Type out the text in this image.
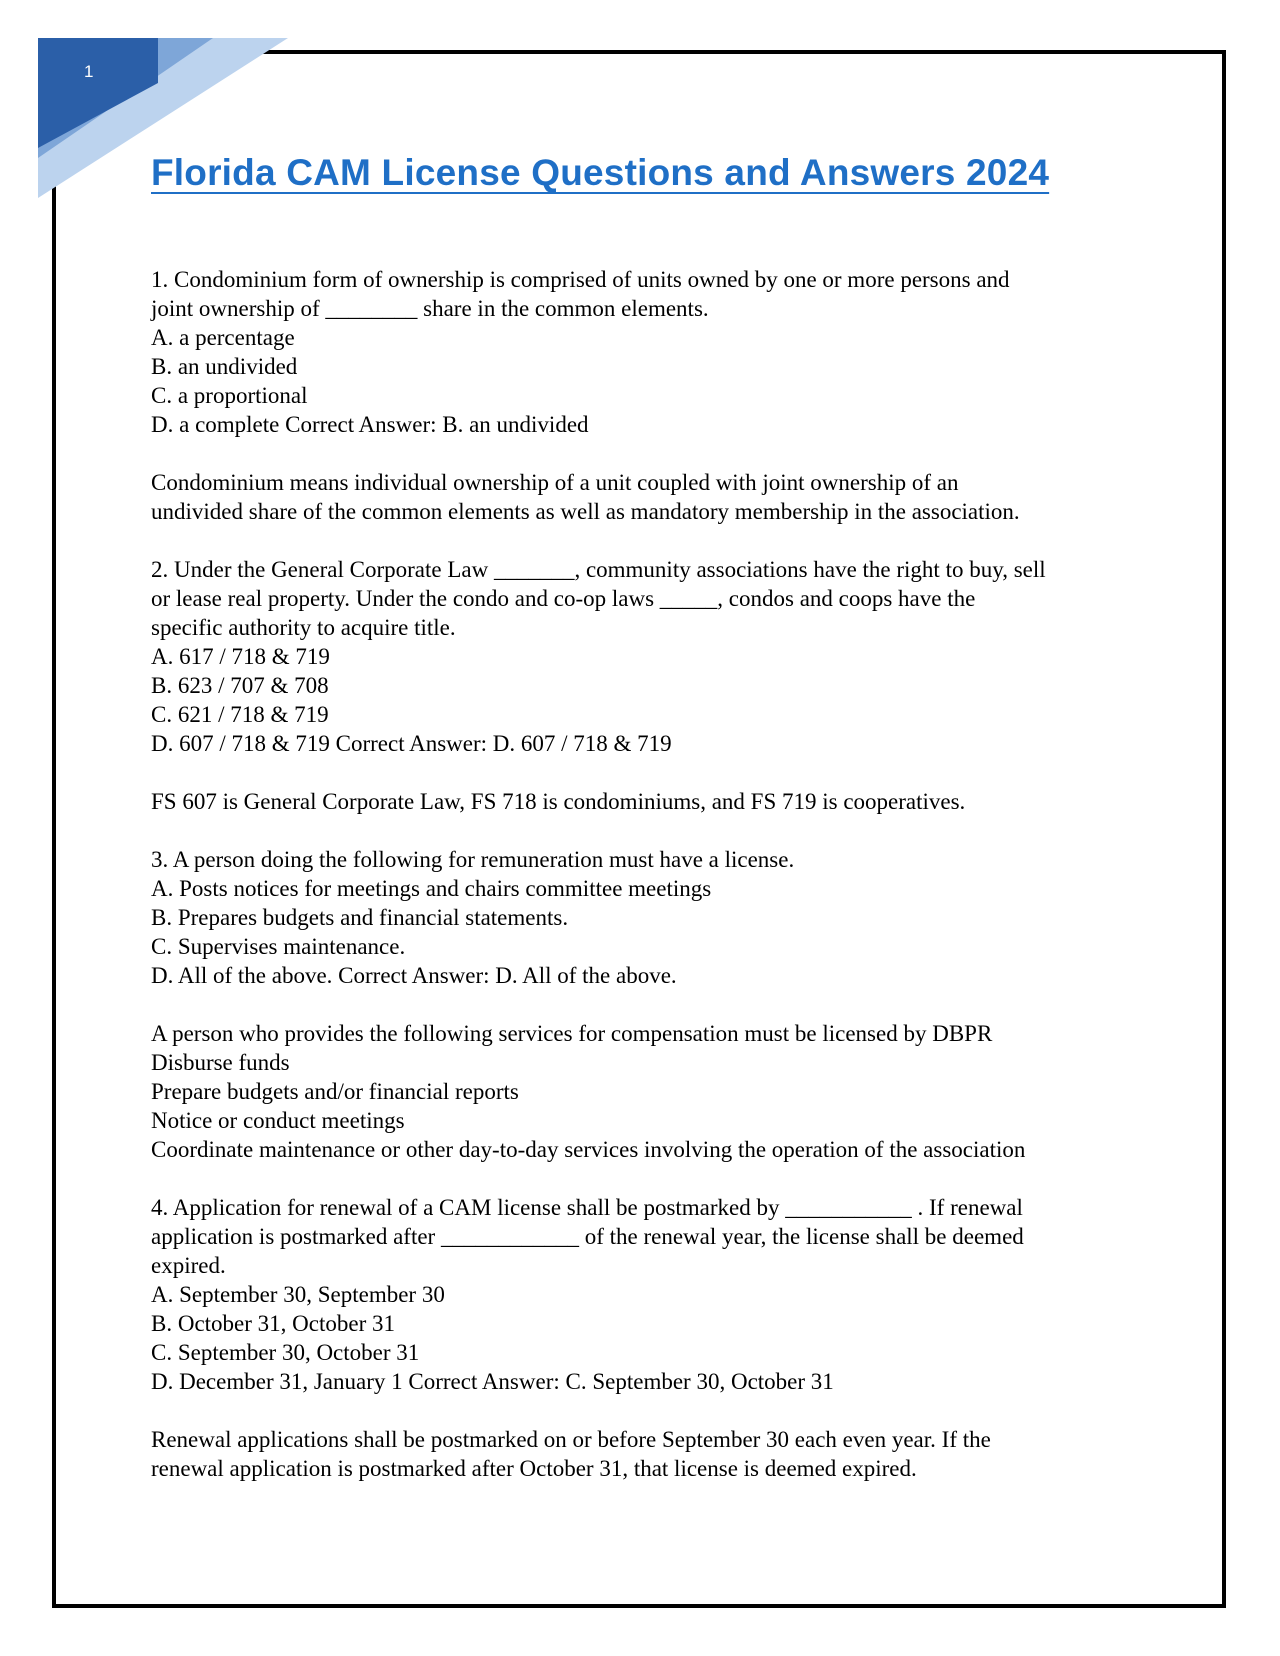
1
Florida CAM License Questions and Answers 2024
1. Condominium form of ownership is comprised of units owned by one or more persons and
joint ownership of ________ share in the common elements.
A. a percentage
B. an undivided
C. a proportional
D. a complete Correct Answer: B. an undivided
Condominium means individual ownership of a unit coupled with joint ownership of an
undivided share of the common elements as well as mandatory membership in the association.
2. Under the General Corporate Law _______, community associations have the right to buy, sell
or lease real property. Under the condo and co-op laws _____, condos and coops have the
specific authority to acquire title.
A. 617 / 718 & 719
B. 623 / 707 & 708
C. 621 / 718 & 719
D. 607 / 718 & 719 Correct Answer: D. 607 / 718 & 719
FS 607 is General Corporate Law, FS 718 is condominiums, and FS 719 is cooperatives.
3. A person doing the following for remuneration must have a license.
A. Posts notices for meetings and chairs committee meetings
B. Prepares budgets and financial statements.
C. Supervises maintenance.
D. All of the above. Correct Answer: D. All of the above.
A person who provides the following services for compensation must be licensed by DBPR
Disburse funds
Prepare budgets and/or financial reports
Notice or conduct meetings
Coordinate maintenance or other day-to-day services involving the operation of the association
4. Application for renewal of a CAM license shall be postmarked by ___________ . If renewal
application is postmarked after ____________ of the renewal year, the license shall be deemed
expired.
A. September 30, September 30
B. October 31, October 31
C. September 30, October 31
D. December 31, January 1 Correct Answer: C. September 30, October 31
Renewal applications shall be postmarked on or before September 30 each even year. If the
renewal application is postmarked after October 31, that license is deemed expired.
